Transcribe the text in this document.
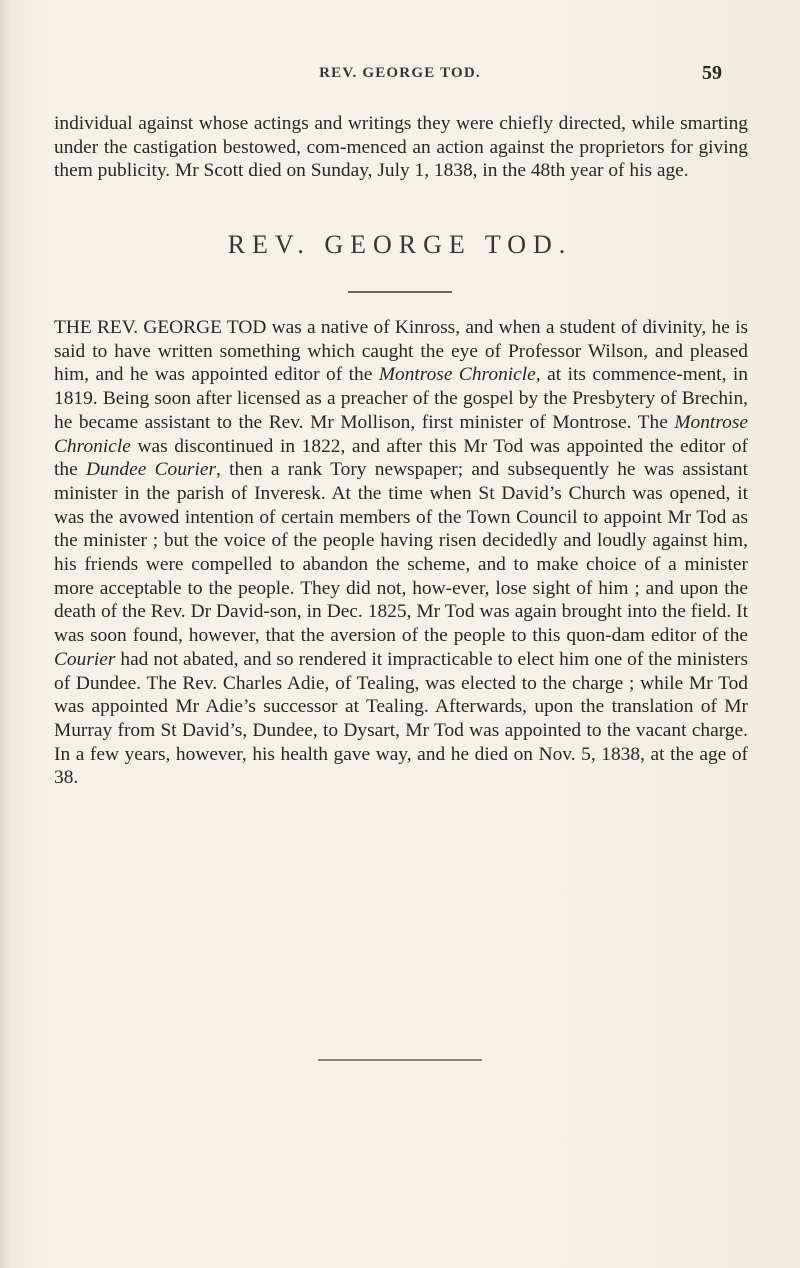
REV. GEORGE TOD.	59

individual against whose actings and writings they were chiefly directed, while smarting under the castigation bestowed, com-menced an action against the proprietors for giving them publicity. Mr Scott died on Sunday, July 1, 1838, in the 48th year of his age.

REV. GEORGE TOD.

THE REV. GEORGE TOD was a native of Kinross, and when a student of divinity, he is said to have written something which caught the eye of Professor Wilson, and pleased him, and he was appointed editor of the Montrose Chronicle, at its commence-ment, in 1819. Being soon after licensed as a preacher of the gospel by the Presbytery of Brechin, he became assistant to the Rev. Mr Mollison, first minister of Montrose. The Montrose Chronicle was discontinued in 1822, and after this Mr Tod was appointed the editor of the Dundee Courier, then a rank Tory newspaper; and subsequently he was assistant minister in the parish of Inveresk. At the time when St David’s Church was opened, it was the avowed intention of certain members of the Town Council to appoint Mr Tod as the minister ; but the voice of the people having risen decidedly and loudly against him, his friends were compelled to abandon the scheme, and to make choice of a minister more acceptable to the people. They did not, how-ever, lose sight of him ; and upon the death of the Rev. Dr David-son, in Dec. 1825, Mr Tod was again brought into the field. It was soon found, however, that the aversion of the people to this quon-dam editor of the Courier had not abated, and so rendered it impracticable to elect him one of the ministers of Dundee. The Rev. Charles Adie, of Tealing, was elected to the charge ; while Mr Tod was appointed Mr Adie’s successor at Tealing. Afterwards, upon the translation of Mr Murray from St David’s, Dundee, to Dysart, Mr Tod was appointed to the vacant charge. In a few years, however, his health gave way, and he died on Nov. 5, 1838, at the age of 38.
